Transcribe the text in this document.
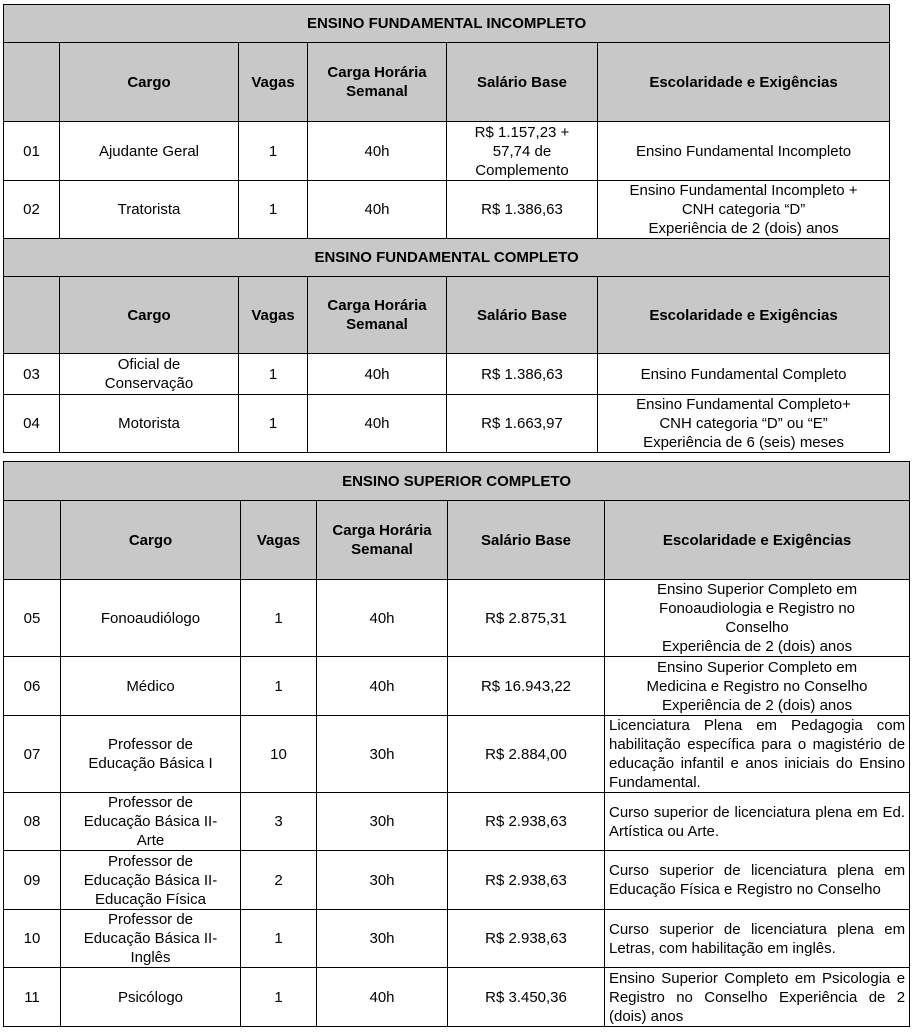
ENSINO FUNDAMENTAL INCOMPLETO					
	Cargo	Vagas	Carga Horária
Semanal	Salário Base	Escolaridade e Exigências
01	Ajudante Geral	1	40h	R$ 1.157,23 +
57,74 de
Complemento	Ensino Fundamental Incompleto
02	Tratorista	1	40h	R$ 1.386,63	Ensino Fundamental Incompleto +
CNH categoria “D”
Experiência de 2 (dois) anos
ENSINO FUNDAMENTAL COMPLETO					
	Cargo	Vagas	Carga Horária
Semanal	Salário Base	Escolaridade e Exigências
03	Oficial de
Conservação	1	40h	R$ 1.386,63	Ensino Fundamental Completo
04	Motorista	1	40h	R$ 1.663,97	Ensino Fundamental Completo+
CNH categoria “D” ou “E”
Experiência de 6 (seis) meses
ENSINO SUPERIOR COMPLETO					
	Cargo	Vagas	Carga Horária
Semanal	Salário Base	Escolaridade e Exigências
05	Fonoaudiólogo	1	40h	R$ 2.875,31	Ensino Superior Completo em
Fonoaudiologia e Registro no
Conselho
Experiência de 2 (dois) anos
06	Médico	1	40h	R$ 16.943,22	Ensino Superior Completo em
Medicina e Registro no Conselho
Experiência de 2 (dois) anos
07	Professor de
Educação Básica I	10	30h	R$ 2.884,00	Licenciatura Plena em Pedagogia com habilitação específica para o magistério de educação infantil e anos iniciais do Ensino Fundamental.
08	Professor de
Educação Básica II-
Arte	3	30h	R$ 2.938,63	Curso superior de licenciatura plena em Ed. Artística ou Arte.
09	Professor de
Educação Básica II-
Educação Física	2	30h	R$ 2.938,63	Curso superior de licenciatura plena em Educação Física e Registro no Conselho
10	Professor de
Educação Básica II-
Inglês	1	30h	R$ 2.938,63	Curso superior de licenciatura plena em Letras, com habilitação em inglês.
11	Psicólogo	1	40h	R$ 3.450,36	Ensino Superior Completo em Psicologia e Registro no Conselho Experiência de 2 (dois) anos
